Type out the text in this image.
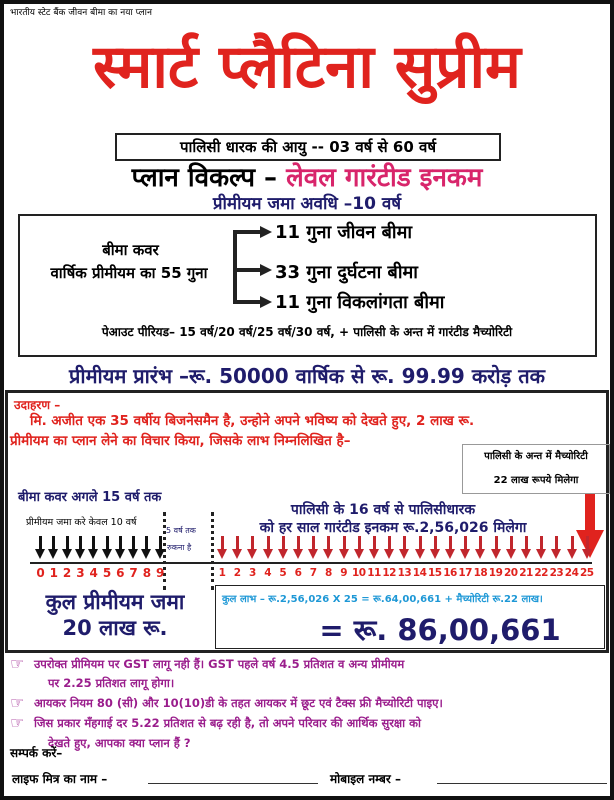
भारतीय स्टेट बैंक जीवन बीमा का नया प्लान
स्मार्ट प्लैटिना सुप्रीम
पालिसी धारक की आयु -- 03 वर्ष से 60 वर्ष
प्लान विकल्प – लेवल गारंटीड इनकम
प्रीमीयम जमा अवधि –10 वर्ष
बीमा कवर
वार्षिक प्रीमीयम का 55 गुना
11 गुना जीवन बीमा
33 गुना दुर्घटना बीमा
11 गुना विकलांगता बीमा
पेआउट पीरियड– 15 वर्ष/20 वर्ष/25 वर्ष/30 वर्ष, + पालिसी के अन्त में गारंटीड मैच्योरिटी
प्रीमीयम प्रारंभ –रू. 50000 वार्षिक से रू. 99.99 करोड़ तक
उदाहरण –
मि. अजीत एक 35 वर्षीय बिजनेसमैन है, उन्होने अपने भविष्य को देखते हुए, 2 लाख रू.
प्रीमीयम का प्लान लेने का विचार किया, जिसके लाभ निम्नलिखित है–
पालिसी के अन्त में मैच्योरिटी
22 लाख रूपये मिलेगा
बीमा कवर अगले 15 वर्ष तक
पालिसी के 16 वर्ष से पालिसीधारक
को हर साल गारंटीड इनकम रू.2,56,026 मिलेगा
प्रीमीयम जमा करे केवल 10 वर्ष
5 वर्ष तक
रुकना है
0 1 2 3 4 5 6 7 8 9	1 2 3 4 5 6 7 8 9 10 11 12 13 14 15 16 17 18 19 20 21 22 23 24 25
कुल प्रीमीयम जमा
20 लाख रू.
कुल लाभ – रू.2,56,026 X 25 = रू.64,00,661 + मैच्योरिटी रू.22 लाख।
= रू. 86,00,661
☞ उपरोक्त प्रीमियम पर GST लागू नही हैं। GST पहले वर्ष 4.5 प्रतिशत व अन्य प्रीमीयम
पर 2.25 प्रतिशत लागू होगा।
☞ आयकर नियम 80 (सी) और 10(10)डी के तहत आयकर में छूट एवं टैक्स फ्री मैच्योरिटी पाइए।
☞ जिस प्रकार मँहगाई दर 5.22 प्रतिशत से बढ़ रही है, तो अपने परिवार की आर्थिक सुरक्षा को
देखते हुए, आपका क्या प्लान हैं ?
सम्पर्क करें–
लाइफ मित्र का नाम –	मोबाइल नम्बर –
